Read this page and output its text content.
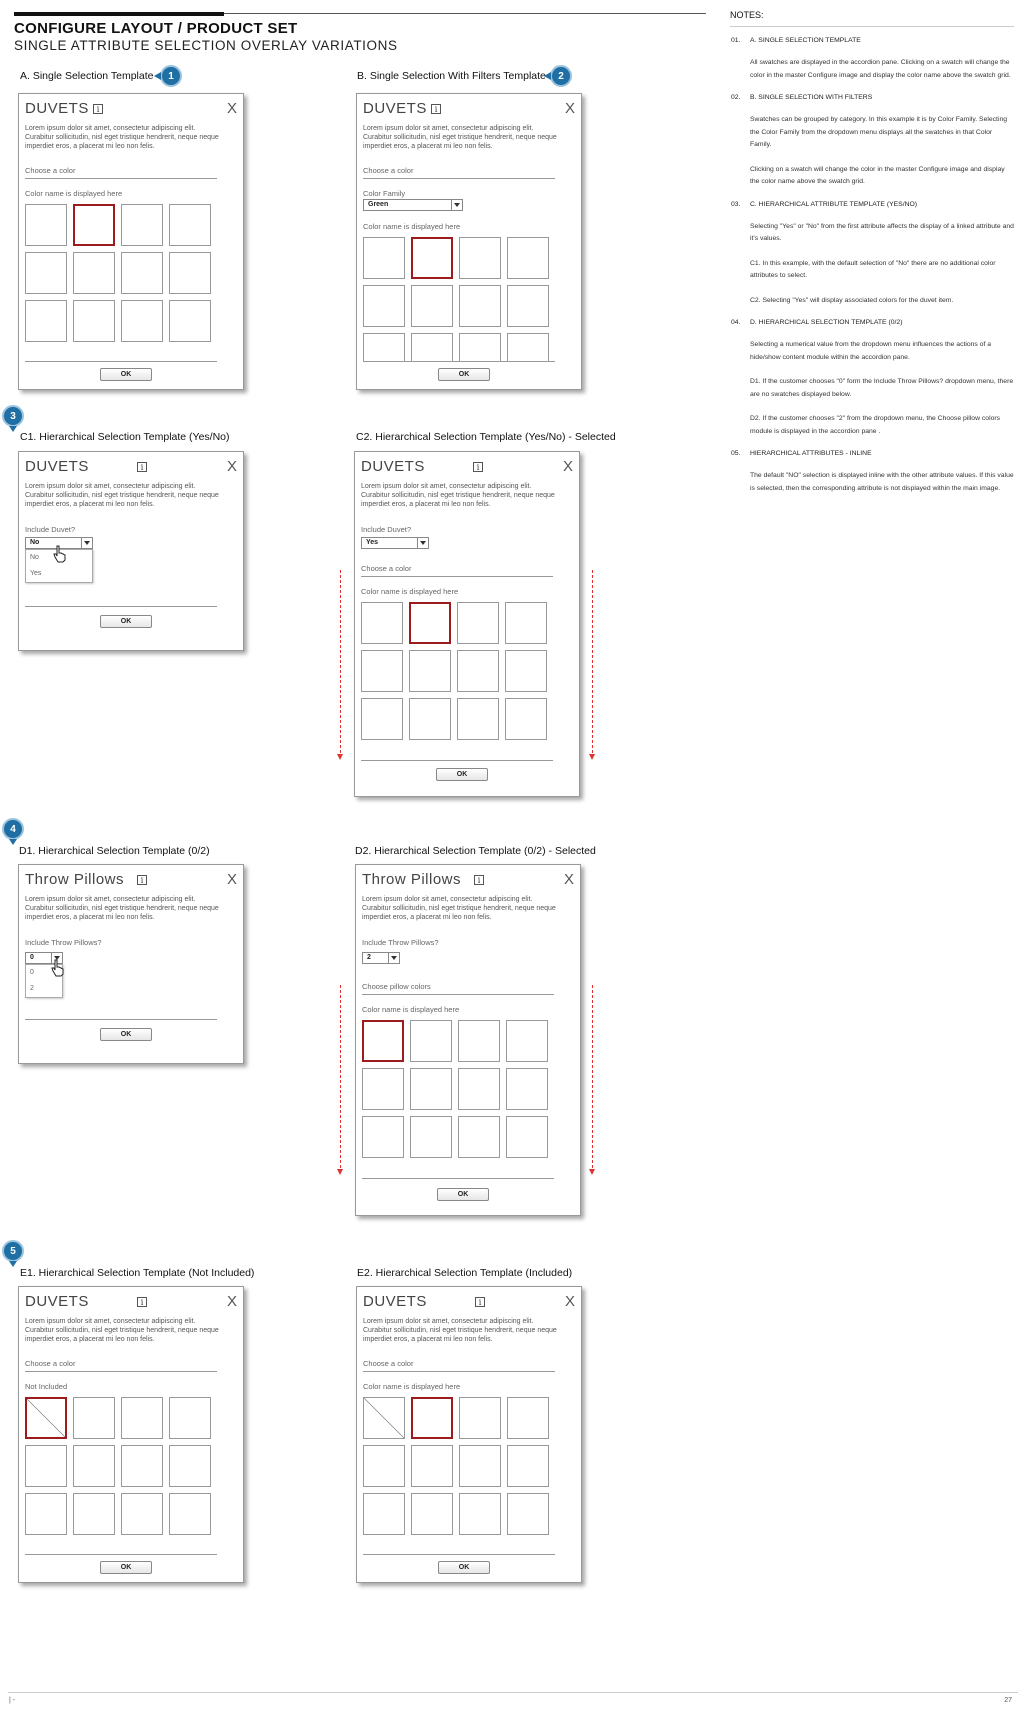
CONFIGURE LAYOUT / PRODUCT SET
SINGLE ATTRIBUTE SELECTION OVERLAY VARIATIONS
A. Single Selection Template	1	B. Single Selection With Filters Template	2
DUVETS i	X
Lorem ipsum dolor sit amet, consectetur adipiscing elit. Curabitur sollicitudin, nisl eget tristique hendrerit, neque neque imperdiet eros, a placerat mi leo non felis.
Choose a color
Color name is displayed here
OK
DUVETS i	X
Lorem ipsum dolor sit amet, consectetur adipiscing elit. Curabitur sollicitudin, nisl eget tristique hendrerit, neque neque imperdiet eros, a placerat mi leo non felis.
Choose a color
Color Family
Green
Color name is displayed here
OK
3
C1. Hierarchical Selection Template (Yes/No)	C2. Hierarchical Selection Template (Yes/No) - Selected
DUVETS	i	X
Lorem ipsum dolor sit amet, consectetur adipiscing elit. Curabitur sollicitudin, nisl eget tristique hendrerit, neque neque imperdiet eros, a placerat mi leo non felis.
Include Duvet?
No
No
Yes
OK
DUVETS	i	X
Lorem ipsum dolor sit amet, consectetur adipiscing elit. Curabitur sollicitudin, nisl eget tristique hendrerit, neque neque imperdiet eros, a placerat mi leo non felis.
Include Duvet?
Yes
Choose a color
Color name is displayed here
OK
4
D1. Hierarchical Selection Template (0/2)	D2. Hierarchical Selection Template (0/2) - Selected
Throw Pillows	i	X
Lorem ipsum dolor sit amet, consectetur adipiscing elit. Curabitur sollicitudin, nisl eget tristique hendrerit, neque neque imperdiet eros, a placerat mi leo non felis.
Include Throw Pillows?
0
0
2
OK
Throw Pillows	i	X
Lorem ipsum dolor sit amet, consectetur adipiscing elit. Curabitur sollicitudin, nisl eget tristique hendrerit, neque neque imperdiet eros, a placerat mi leo non felis.
Include Throw Pillows?
2
Choose pillow colors
Color name is displayed here
OK
5
E1. Hierarchical Selection Template (Not Included)	E2. Hierarchical Selection Template (Included)
DUVETS	i	X
Lorem ipsum dolor sit amet, consectetur adipiscing elit. Curabitur sollicitudin, nisl eget tristique hendrerit, neque neque imperdiet eros, a placerat mi leo non felis.
Choose a color
Not Included
OK
DUVETS	i	X
Lorem ipsum dolor sit amet, consectetur adipiscing elit. Curabitur sollicitudin, nisl eget tristique hendrerit, neque neque imperdiet eros, a placerat mi leo non felis.
Choose a color
Color name is displayed here
OK
NOTES:
01. A. SINGLE SELECTION TEMPLATE
All swatches are displayed in the accordion pane. Clicking on a swatch will change the color in the master Configure image and display the color name above the swatch grid.
02. B. SINGLE SELECTION WITH FILTERS
Swatches can be grouped by category. In this example it is by Color Family. Selecting the Color Family from the dropdown menu displays all the swatches in that Color Family.
Clicking on a swatch will change the color in the master Configure image and display the color name above the swatch grid.
03. C. HIERARCHICAL ATTRIBUTE TEMPLATE (YES/NO)
Selecting "Yes" or "No" from the first attribute affects the display of a linked attribute and it's values.
C1. In this example, with the default selection of "No" there are no additional color attributes to select.
C2. Selecting "Yes" will display associated colors for the duvet item.
04. D. HIERARCHICAL SELECTION TEMPLATE (0/2)
Selecting a numerical value from the dropdown menu influences the actions of a hide/show content module within the accordion pane.
D1. If the customer chooses "0" form the Include Throw Pillows? dropdown menu, there are no swatches displayed below.
D2. If the customer chooses "2" from the dropdown menu, the Choose pillow colors module is displayed in the accordion pane .
05. HIERARCHICAL ATTRIBUTES - INLINE
The default "NO" selection is displayed inline with the other attribute values. If this value is selected, then the corresponding attribute is not displayed within the main image.
| -	27
